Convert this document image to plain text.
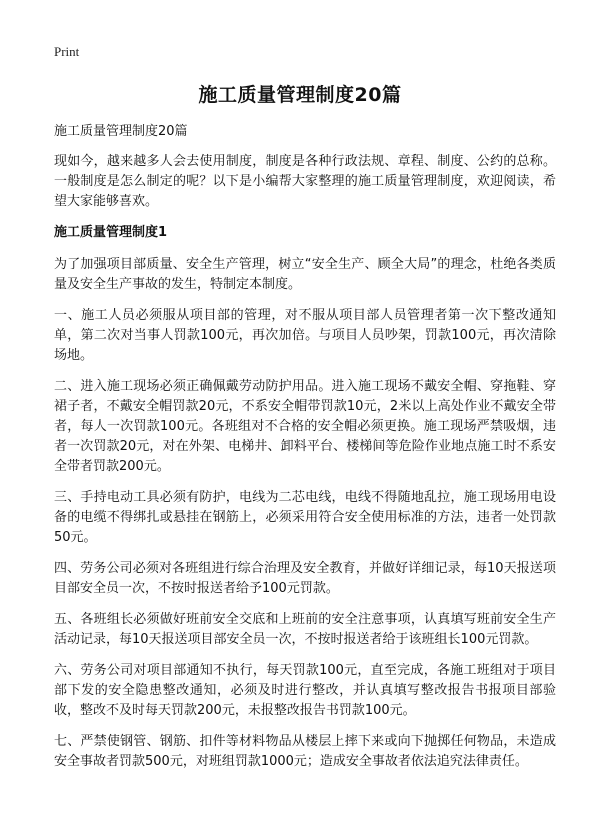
Print
施工质量管理制度20篇

施工质量管理制度20篇

现如今，越来越多人会去使用制度，制度是各种行政法规、章程、制度、公约的总称。一般制度是怎么制定的呢？以下是小编帮大家整理的施工质量管理制度，欢迎阅读，希望大家能够喜欢。

施工质量管理制度1

为了加强项目部质量、安全生产管理，树立“安全生产、顾全大局”的理念，杜绝各类质量及安全生产事故的发生，特制定本制度。

一、施工人员必须服从项目部的管理，对不服从项目部人员管理者第一次下整改通知单，第二次对当事人罚款100元，再次加倍。与项目人员吵架，罚款100元，再次清除场地。

二、进入施工现场必须正确佩戴劳动防护用品。进入施工现场不戴安全帽、穿拖鞋、穿裙子者，不戴安全帽罚款20元，不系安全帽带罚款10元，2米以上高处作业不戴安全带者，每人一次罚款100元。各班组对不合格的安全帽必须更换。施工现场严禁吸烟，违者一次罚款20元，对在外架、电梯井、卸料平台、楼梯间等危险作业地点施工时不系安全带者罚款200元。

三、手持电动工具必须有防护，电线为二芯电线，电线不得随地乱拉，施工现场用电设备的电缆不得绑扎或悬挂在钢筋上，必须采用符合安全使用标准的方法，违者一处罚款50元。

四、劳务公司必须对各班组进行综合治理及安全教育，并做好详细记录，每10天报送项目部安全员一次，不按时报送者给予100元罚款。

五、各班组长必须做好班前安全交底和上班前的安全注意事项，认真填写班前安全生产活动记录，每10天报送项目部安全员一次，不按时报送者给于该班组长100元罚款。

六、劳务公司对项目部通知不执行，每天罚款100元，直至完成，各施工班组对于项目部下发的安全隐患整改通知，必须及时进行整改，并认真填写整改报告书报项目部验收，整改不及时每天罚款200元，未报整改报告书罚款100元。

七、严禁使钢管、钢筋、扣件等材料物品从楼层上摔下来或向下抛掷任何物品，未造成安全事故者罚款500元，对班组罚款1000元；造成安全事故者依法追究法律责任。
